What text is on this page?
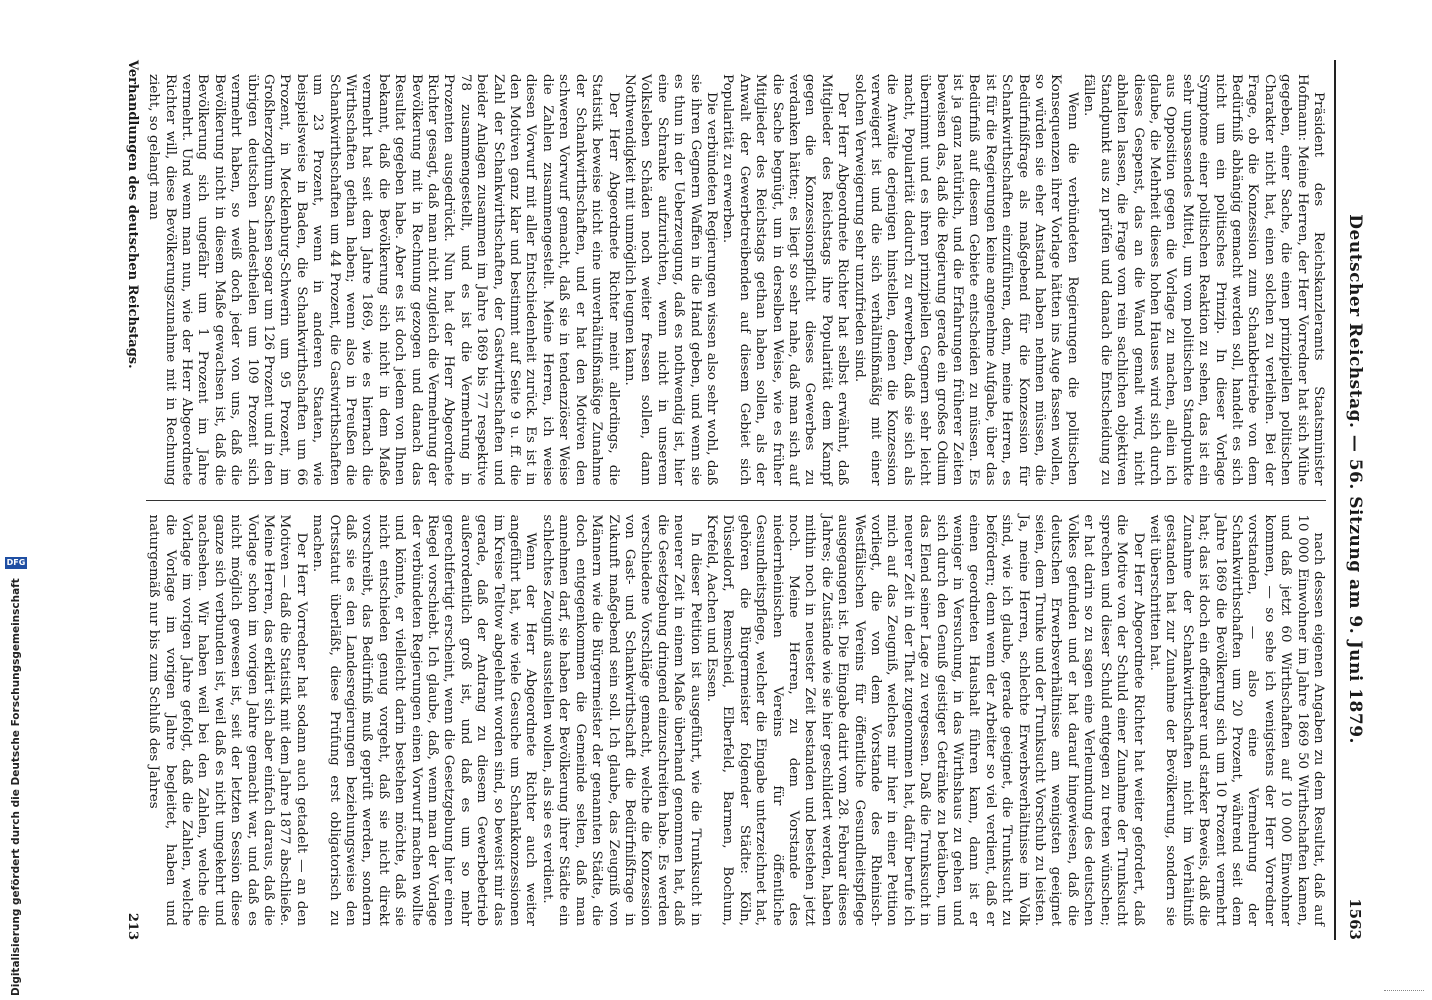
Deutscher Reichstag. — 56. Sitzung am 9. Juni 1879.
1563

Präsident des Reichskanzleramts Staatsminister Hofmann: Meine Herren, der Herr Vorredner hat sich Mühe gegeben, einer Sache, die einen prinzipiellen politischen Charakter nicht hat, einen solchen zu verleihen. Bei der Frage, ob die Konzession zum Schankbetriebe von dem Bedürfniß abhängig gemacht werden soll, handelt es sich nicht um ein politisches Prinzip. In dieser Vorlage Symptome einer politischen Reaktion zu sehen, das ist ein sehr unpassendes Mittel, um vom politischen Standpunkte aus Opposition gegen die Vorlage zu machen, allein ich glaube, die Mehrheit dieses hohen Hauses wird sich durch dieses Gespenst, das an die Wand gemalt wird, nicht abhalten lassen, die Frage vom rein sachlichen objektiven Standpunkt aus zu prüfen und danach die Entscheidung zu fällen.

Wenn die verbündeten Regierungen die politischen Konsequenzen ihrer Vorlage hätten ins Auge fassen wollen, so würden sie eher Anstand haben nehmen müssen, die Bedürfnißfrage als maßgebend für die Konzession für Schankwirthschaften einzuführen, denn, meine Herren, es ist für die Regierungen keine angenehme Aufgabe, über das Bedürfniß auf diesem Gebiete entscheiden zu müssen. Es ist ja ganz natürlich, und die Erfahrungen früherer Zeiten beweisen das, daß die Regierung gerade ein großes Odium übernimmt und es ihren prinzipiellen Gegnern sehr leicht macht, Popularität dadurch zu erwerben, daß sie sich als die Anwälte derjenigen hinstellen, denen die Konzession verweigert ist und die sich verhältnißmäßig mit einer solchen Verweigerung sehr unzufrieden sind.

Der Herr Abgeordnete Richter hat selbst erwähnt, daß Mitglieder des Reichstags ihre Popularität dem Kampf gegen die Konzessionspflicht dieses Gewerbes zu verdanken hätten; es liegt so sehr nahe, daß man sich auf die Sache begnügt, um in derselben Weise, wie es früher Mitglieder des Reichstags gethan haben sollen, als der Anwalt der Gewerbetreibenden auf diesem Gebiet sich Popularität zu erwerben.

Die verbündeten Regierungen wissen also sehr wohl, daß sie ihren Gegnern Waffen in die Hand geben, und wenn sie es thun in der Ueberzeugung, daß es nothwendig ist, hier eine Schranke aufzurichten, wenn nicht in unserem Volksleben Schäden noch weiter fressen sollen, dann Nothwendigkeit mit unmöglich leugnen kann.

Der Herr Abgeordnete Richter meint allerdings, die Statistik beweise nicht eine unverhältnißmäßige Zunahme der Schankwirthschaften, und er hat den Motiven den schweren Vorwurf gemacht, daß sie in tendenziöser Weise die Zahlen zusammengestellt. Meine Herren, ich weise diesen Vorwurf mit aller Entschiedenheit zurück. Es ist in den Motiven ganz klar und bestimmt auf Seite 9 u. ff. die Zahl der Schankwirthschaften, der Gastwirthschaften und beider Anlagen zusammen im Jahre 1869 bis 77 respektive 78 zusammengestellt, und es ist die Vermehrung in Prozenten ausgedrückt. Nun hat der Herr Abgeordnete Richter gesagt, daß man nicht zugleich die Vermehrung der Bevölkerung mit in Rechnung gezogen und danach das Resultat gegeben habe. Aber es ist doch jedem von Ihnen bekannt, daß die Bevölkerung sich nicht in dem Maße vermehrt hat seit dem Jahre 1869, wie es hiernach die Wirthschaften gethan haben; wenn also in Preußen die Schankwirthschaften um 44 Prozent, die Gastwirthschaften um 23 Prozent, wenn in anderen Staaten, wie beispielsweise in Baden, die Schankwirthschaften um 66 Prozent, in Mecklenburg-Schwerin um 95 Prozent, im Großherzogthum Sachsen sogar um 126 Prozent und in den übrigen deutschen Landestheilen um 109 Prozent sich vermehrt haben, so weiß doch jeder von uns, daß die Bevölkerung nicht in diesem Maße gewachsen ist, daß die Bevölkerung sich ungefähr um 1 Prozent im Jahre vermehrt. Und wenn man nun, wie der Herr Abgeordnete Richter will, diese Bevölkerungszunahme mit in Rechnung zieht, so gelangt man

nach dessen eigenen Angaben zu dem Resultat, daß auf 10 000 Einwohner im Jahre 1869 50 Wirthschaften kamen, und daß jetzt 60 Wirthschaften auf 10 000 Einwohner kommen, — so sehe ich wenigstens der Herr Vorredner vorstanden, — also eine Vermehrung der Schankwirthschaften um 20 Prozent, während seit dem Jahre 1869 die Bevölkerung sich um 10 Prozent vermehrt hat; das ist doch ein offenbarer und starker Beweis, daß die Zunahme der Schankwirthschaften nicht im Verhältniß gestanden hat zur Zunahme der Bevölkerung, sondern sie weit überschritten hat.

Der Herr Abgeordnete Richter hat weiter gefordert, daß die Motive von der Schuld einer Zunahme der Trunksucht sprechen und dieser Schuld entgegen zu treten wünschen; er hat darin so zu sagen eine Verleumdung des deutschen Volkes gefunden und er hat darauf hingewiesen, daß die deutschen Erwerbsverhältnisse am wenigsten geeignet seien, dem Trunke und der Trunksucht Vorschub zu leisten. Ja, meine Herren, schlechte Erwerbsverhältnisse im Volk sind, wie ich glaube, gerade geeignet, die Trunksucht zu befördern; denn wenn der Arbeiter so viel verdient, daß er einen geordneten Haushalt führen kann, dann ist er weniger in Versuchung, in das Wirthshaus zu gehen und sich durch den Genuß geistiger Getränke zu betäuben, um das Elend seiner Lage zu vergessen. Daß die Trunksucht in neuerer Zeit in der That zugenommen hat, dafür berufe ich mich auf das Zeugniß, welches mir hier in einer Petition vorliegt, die von dem Vorstande des Rheinisch-Westfälischen Vereins für öffentliche Gesundheitspflege ausgegangen ist. Die Eingabe datirt vom 28. Februar dieses Jahres; die Zustände wie sie hier geschildert werden, haben mithin noch in neuester Zeit bestanden und bestehen jetzt noch. Meine Herren, zu dem Vorstande des niederrheinischen Vereins für öffentliche Gesundheitspflege, welcher die Eingabe unterzeichnet hat, gehören die Bürgermeister folgender Städte: Köln, Düsseldorf, Remscheid, Elberfeld, Barmen, Bochum, Krefeld, Aachen und Essen.

In dieser Petition ist ausgeführt, wie die Trunksucht in neuerer Zeit in einem Maße überhand genommen hat, daß die Gesetzgebung dringend einzuschreiten habe. Es werden verschiedene Vorschläge gemacht, welche die Konzession von Gast- und Schankwirthschaft die Bedürfnißfrage in Zukunft maßgebend sein soll. Ich glaube, das Zeugniß von Männern wie die Bürgermeister der genannten Städte, die doch entgegenkommen die Gemeinde selten, daß man annehmen darf, sie haben der Bevölkerung ihrer Städte ein schlechtes Zeugniß ausstellen wollen, als sie es verdient.

Wenn der Herr Abgeordnete Richter auch weiter angeführt hat, wie viele Gesuche um Schankkonzessionen im Kreise Teltow abgelehnt worden sind, so beweist mir das gerade, daß der Andrang zu diesem Gewerbebetrieb außerordentlich groß ist, und daß es um so mehr gerechtfertigt erscheint, wenn die Gesetzgebung hier einen Riegel vorschiebt. Ich glaube, daß, wenn man der Vorlage der verbündeten Regierungen einen Vorwurf machen wollte und könnte, er vielleicht darin bestehen möchte, daß sie nicht entschieden genug vorgeht, daß sie nicht direkt vorschreibt, das Bedürfniß muß geprüft werden, sondern daß sie es den Landesregierungen beziehungsweise den Ortsstatut überläßt, diese Prüfung erst obligatorisch zu machen.

Der Herr Vorredner hat sodann auch getadelt — an den Motiven — daß die Statistik mit dem Jahre 1877 abschließe. Meine Herren, das erklärt sich aber einfach daraus, daß die Vorlage schon im vorigen Jahre gemacht war, und daß es nicht möglich gewesen ist, seit der letzten Session diese ganze sich verbunden ist, weil daß es nicht umgekehrt und nachsehen. Wir haben weil bei den Zahlen, welche die Vorlage im vorigen Jahre gefolgt, daß die Zahlen, welche die Vorlage im vorigen Jahre begleitet, haben und naturgemäß nur bis zum Schluß des Jahres

Verhandlungen des deutschen Reichstags.
213
Digitalisierung gefördert durch die Deutsche Forschungsgemeinschaft
DFG
